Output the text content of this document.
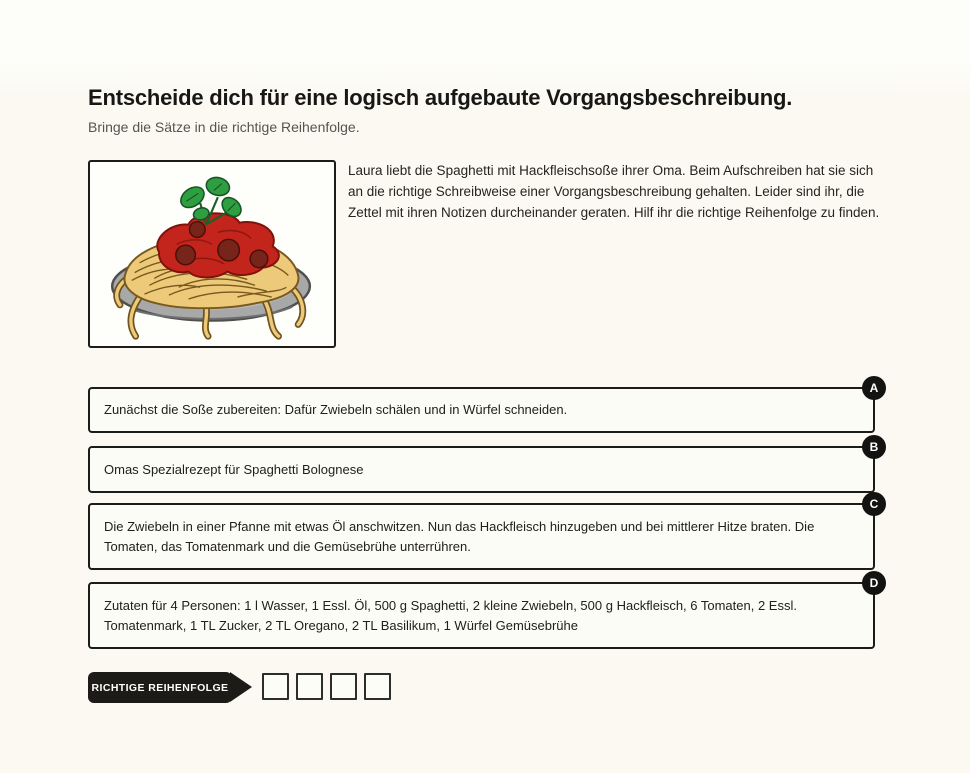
Entscheide dich für eine logisch aufgebaute Vorgangsbeschreibung.
Bringe die Sätze in die richtige Reihenfolge.

Laura liebt die Spaghetti mit Hackfleischsoße ihrer Oma. Beim Aufschreiben hat sie sich an die richtige Schreibweise einer Vorgangsbeschreibung gehalten. Leider sind ihr, die Zettel mit ihren Notizen durcheinander geraten. Hilf ihr die richtige Reihenfolge zu finden.

A
Zunächst die Soße zubereiten: Dafür Zwiebeln schälen und in Würfel schneiden.
B
Omas Spezialrezept für Spaghetti Bolognese
C
Die Zwiebeln in einer Pfanne mit etwas Öl anschwitzen. Nun das Hackfleisch hinzugeben und bei mittlerer Hitze braten. Die Tomaten, das Tomatenmark und die Gemüsebrühe unterrühren.
D
Zutaten für 4 Personen: 1 l Wasser, 1 Essl. Öl, 500 g Spaghetti, 2 kleine Zwiebeln, 500 g Hackfleisch, 6 Tomaten, 2 Essl. Tomatenmark, 1 TL Zucker, 2 TL Oregano, 2 TL Basilikum, 1 Würfel Gemüsebrühe
RICHTIGE REIHENFOLGE
